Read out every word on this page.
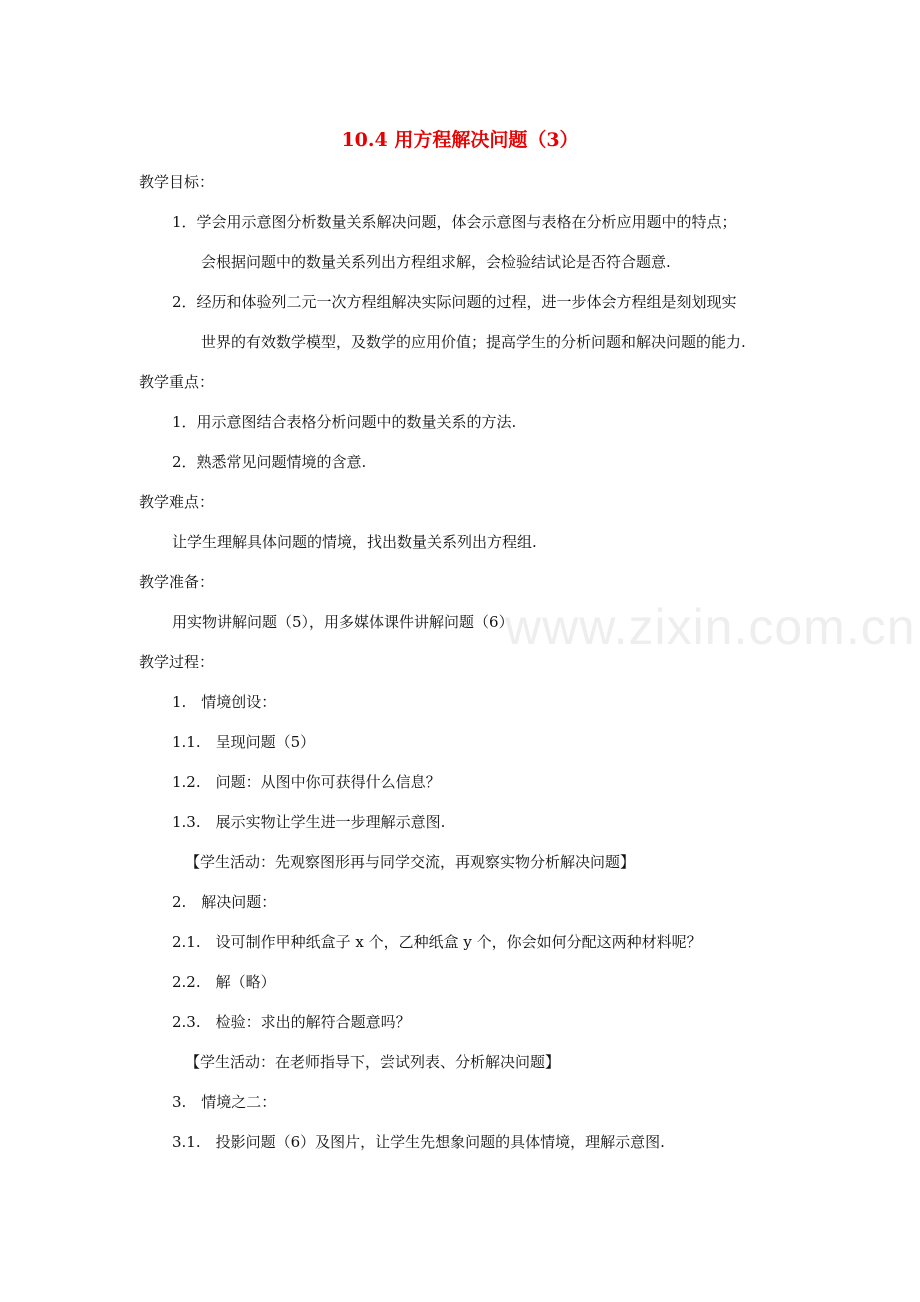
www.zixin.com.cn
10.4 用方程解决问题（3）
教学目标：
1．学会用示意图分析数量关系解决问题，体会示意图与表格在分析应用题中的特点；
会根据问题中的数量关系列出方程组求解，会检验结试论是否符合题意.
2．经历和体验列二元一次方程组解决实际问题的过程，进一步体会方程组是刻划现实
世界的有效数学模型，及数学的应用价值；提高学生的分析问题和解决问题的能力.
教学重点：
1．用示意图结合表格分析问题中的数量关系的方法.
2．熟悉常见问题情境的含意.
教学难点：
让学生理解具体问题的情境，找出数量关系列出方程组.
教学准备：
用实物讲解问题（5），用多媒体课件讲解问题（6）
教学过程：
1.　情境创设：
1.1.　呈现问题（5）
1.2.　问题：从图中你可获得什么信息？
1.3.　展示实物让学生进一步理解示意图.
【学生活动：先观察图形再与同学交流，再观察实物分析解决问题】
2.　解决问题：
2.1.　设可制作甲种纸盒子 x 个，乙种纸盒 y 个，你会如何分配这两种材料呢？
2.2.　解（略）
2.3.　检验：求出的解符合题意吗？
【学生活动：在老师指导下，尝试列表、分析解决问题】
3.　情境之二：
3.1.　投影问题（6）及图片，让学生先想象问题的具体情境，理解示意图.
